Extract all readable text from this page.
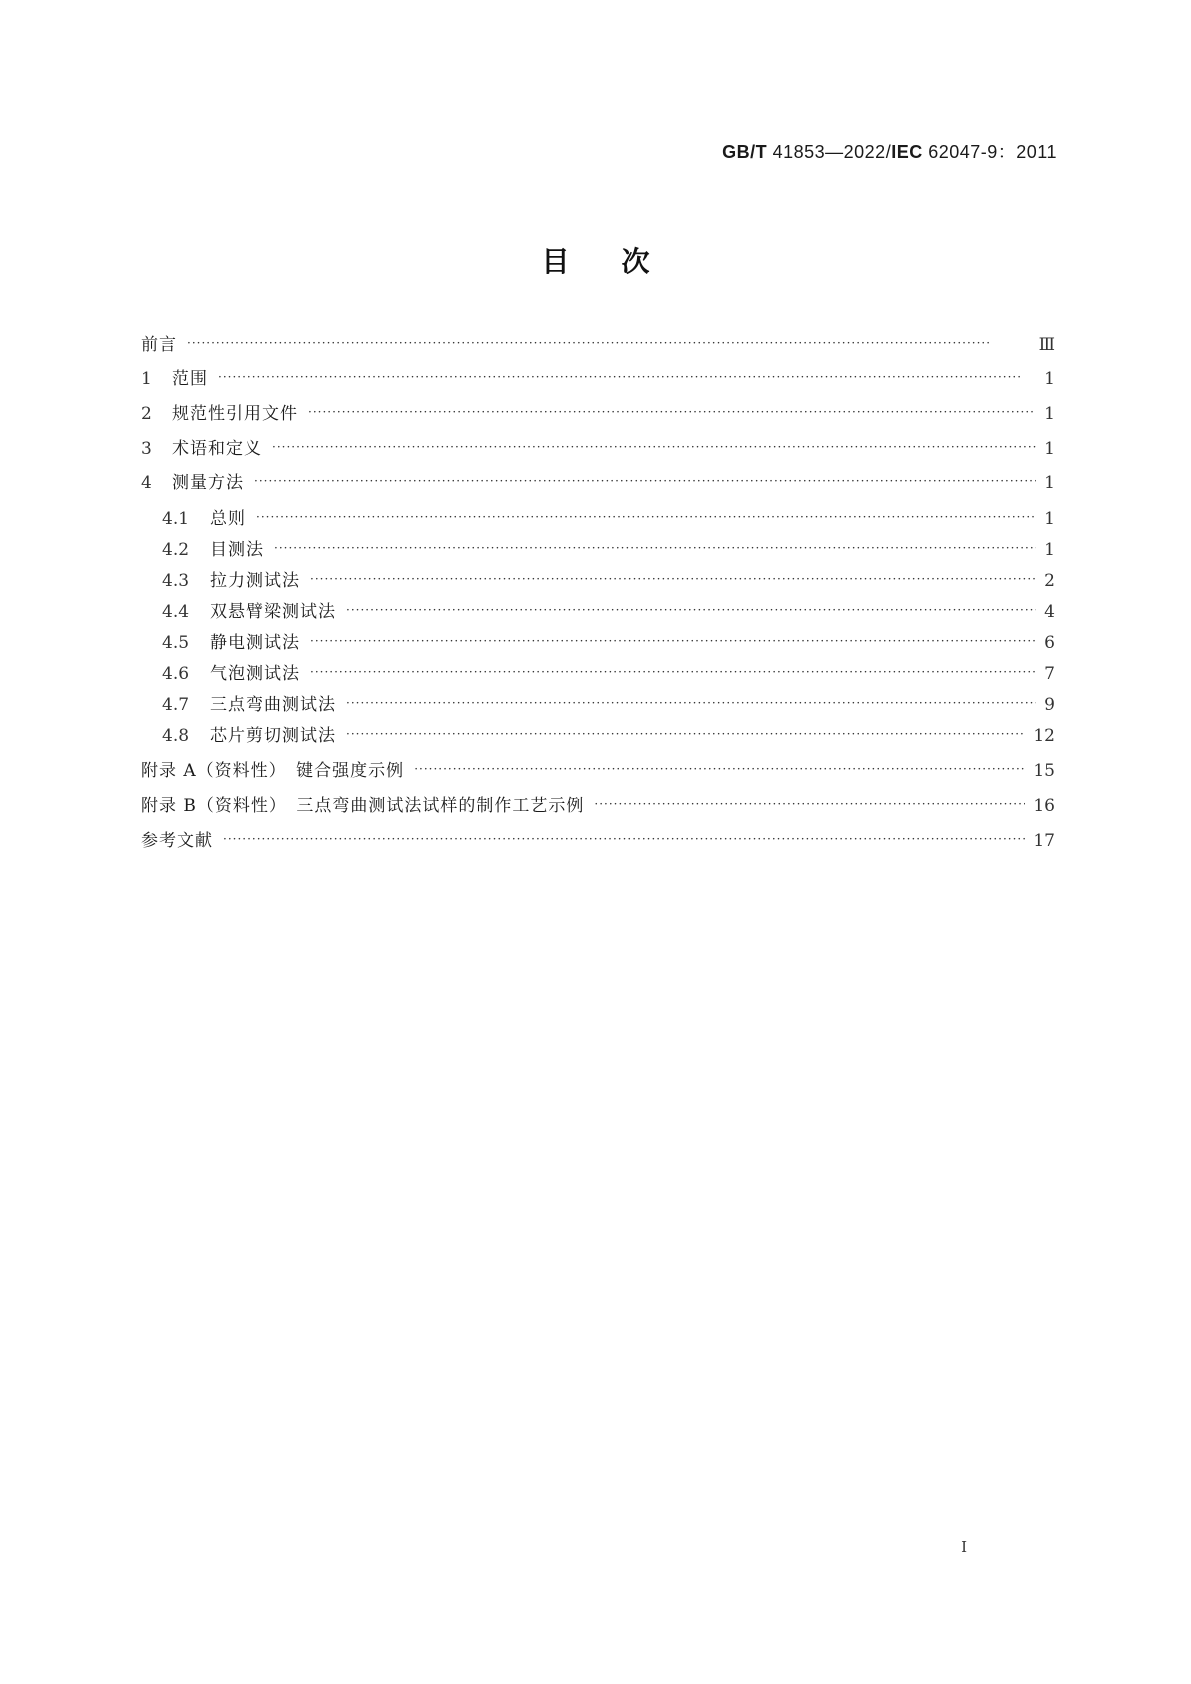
GB/T 41853—2022/IEC 62047-9：2011
目次
前言 ·····	Ⅲ
1	范围 ·····	1
2	规范性引用文件 ·····	1
3	术语和定义 ·····	1
4	测量方法 ·····	1
4.1	总则 ·····	1
4.2	目测法 ·····	1
4.3	拉力测试法 ·····	2
4.4	双悬臂梁测试法 ·····	4
4.5	静电测试法 ·····	6
4.6	气泡测试法 ·····	7
4.7	三点弯曲测试法 ·····	9
4.8	芯片剪切测试法 ·····	12
附录 A（资料性）　键合强度示例 ·····	15
附录 B（资料性）　三点弯曲测试法试样的制作工艺示例 ·····	16
参考文献 ·····	17
I
